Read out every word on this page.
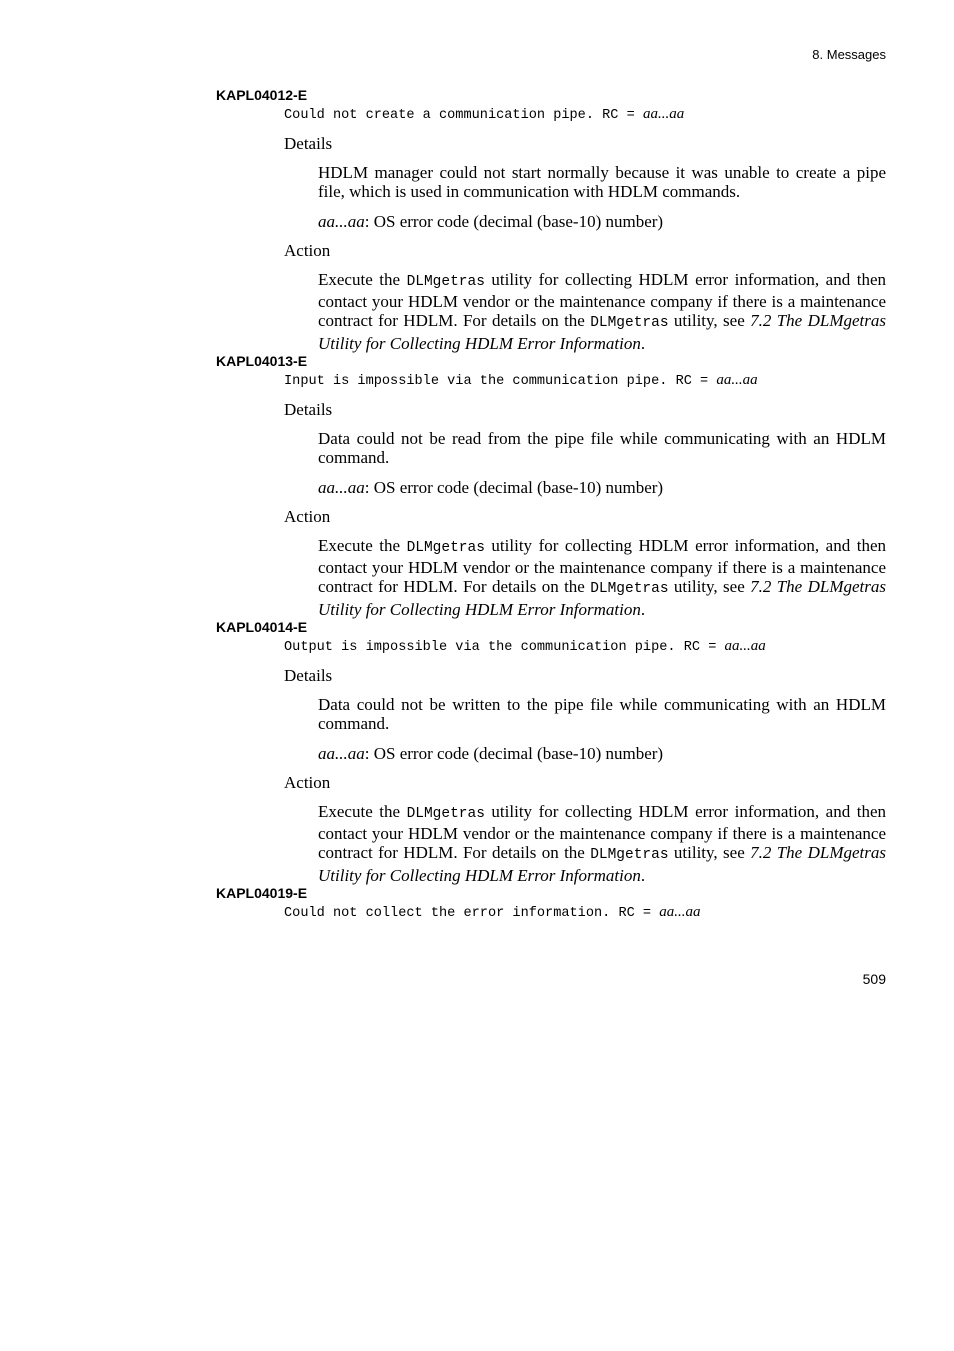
8. Messages
KAPL04012-E
Could not create a communication pipe. RC = aa...aa
Details
HDLM manager could not start normally because it was unable to create a pipe file, which is used in communication with HDLM commands.
aa...aa: OS error code (decimal (base-10) number)
Action
Execute the DLMgetras utility for collecting HDLM error information, and then contact your HDLM vendor or the maintenance company if there is a maintenance contract for HDLM. For details on the DLMgetras utility, see 7.2 The DLMgetras Utility for Collecting HDLM Error Information.
KAPL04013-E
Input is impossible via the communication pipe. RC = aa...aa
Details
Data could not be read from the pipe file while communicating with an HDLM command.
aa...aa: OS error code (decimal (base-10) number)
Action
Execute the DLMgetras utility for collecting HDLM error information, and then contact your HDLM vendor or the maintenance company if there is a maintenance contract for HDLM. For details on the DLMgetras utility, see 7.2 The DLMgetras Utility for Collecting HDLM Error Information.
KAPL04014-E
Output is impossible via the communication pipe. RC = aa...aa
Details
Data could not be written to the pipe file while communicating with an HDLM command.
aa...aa: OS error code (decimal (base-10) number)
Action
Execute the DLMgetras utility for collecting HDLM error information, and then contact your HDLM vendor or the maintenance company if there is a maintenance contract for HDLM. For details on the DLMgetras utility, see 7.2 The DLMgetras Utility for Collecting HDLM Error Information.
KAPL04019-E
Could not collect the error information. RC = aa...aa
509
